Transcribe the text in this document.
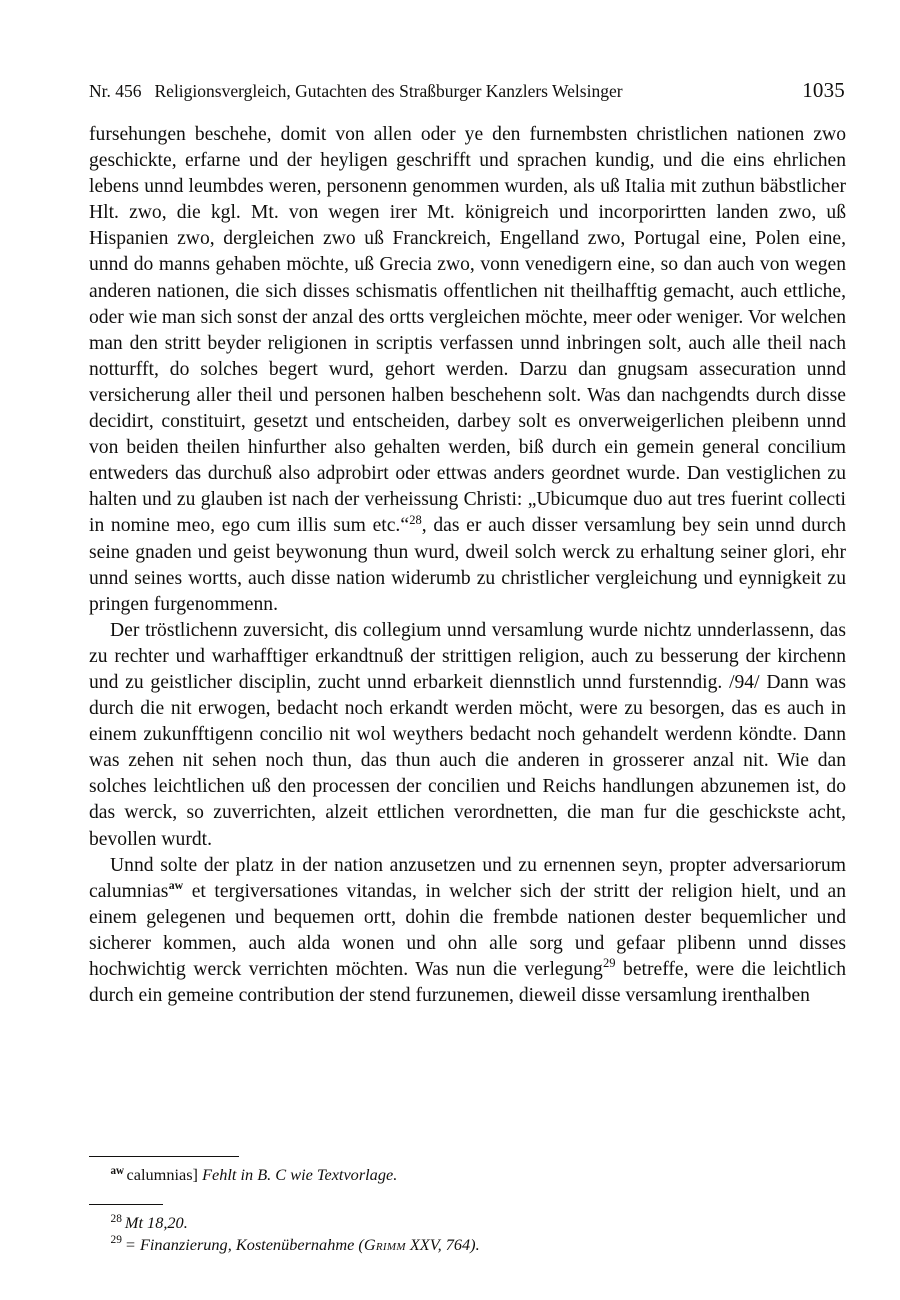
Nr. 456 Religionsvergleich, Gutachten des Straßburger Kanzlers Welsinger	1035

fursehungen beschehe, domit von allen oder ye den furnembsten christlichen nationen zwo geschickte, erfarne und der heyligen geschrifft und sprachen kundig, und die eins ehrlichen lebens unnd leumbdes weren, personenn genommen wurden, als uß Italia mit zuthun bäbstlicher Hlt. zwo, die kgl. Mt. von wegen irer Mt. königreich und incorporirtten landen zwo, uß Hispanien zwo, dergleichen zwo uß Franckreich, Engelland zwo, Portugal eine, Polen eine, unnd do manns gehaben möchte, uß Grecia zwo, vonn venedigern eine, so dan auch von wegen anderen nationen, die sich disses schismatis offentlichen nit theilhafftig gemacht, auch ettliche, oder wie man sich sonst der anzal des ortts vergleichen möchte, meer oder weniger. Vor welchen man den stritt beyder religionen in scriptis verfassen unnd inbringen solt, auch alle theil nach notturfft, do solches begert wurd, gehort werden. Darzu dan gnugsam assecuration unnd versicherung aller theil und personen halben beschehenn solt. Was dan nachgendts durch disse decidirt, constituirt, gesetzt und entscheiden, darbey solt es onverweigerlichen pleibenn unnd von beiden theilen hinfurther also gehalten werden, biß durch ein gemein general concilium entweders das durchuß also adprobirt oder ettwas anders geordnet wurde. Dan vestiglichen zu halten und zu glauben ist nach der verheissung Christi: „Ubicumque duo aut tres fuerint collecti in nomine meo, ego cum illis sum etc.“$^{28}$, das er auch disser versamlung bey sein unnd durch seine gnaden und geist beywonung thun wurd, dweil solch werck zu erhaltung seiner glori, ehr unnd seines wortts, auch disse nation widerumb zu christlicher vergleichung und eynnigkeit zu pringen furgenommenn.

Der tröstlichenn zuversicht, dis collegium unnd versamlung wurde nichtz unnderlassenn, das zu rechter und warhafftiger erkandtnuß der strittigen religion, auch zu besserung der kirchenn und zu geistlicher disciplin, zucht unnd erbarkeit diennstlich unnd furstenndig. /94/ Dann was durch die nit erwogen, bedacht noch erkandt werden möcht, were zu besorgen, das es auch in einem zukunfftigenn concilio nit wol weythers bedacht noch gehandelt werdenn köndte. Dann was zehen nit sehen noch thun, das thun auch die anderen in grosserer anzal nit. Wie dan solches leichtlichen uß den processen der concilien und Reichs handlungen abzunemen ist, do das werck, so zuverrichten, alzeit ettlichen verordnetten, die man fur die geschickste acht, bevollen wurdt.

Unnd solte der platz in der nation anzusetzen und zu ernennen seyn, propter adversariorum calumnias$^{aw}$ et tergiversationes vitandas, in welcher sich der stritt der religion hielt, und an einem gelegenen und bequemen ortt, dohin die frembde nationen dester bequemlicher und sicherer kommen, auch alda wonen und ohn alle sorg und gefaar plibenn unnd disses hochwichtig werck verrichten möchten. Was nun die verlegung$^{29}$ betreffe, were die leichtlich durch ein gemeine contribution der stend furzunemen, dieweil disse versamlung irenthalben

$^{aw}$ calumnias] Fehlt in B. C wie Textvorlage.
$^{28}$ Mt 18,20.
$^{29}$ = Finanzierung, Kostenübernahme (Grimm XXV, 764).
